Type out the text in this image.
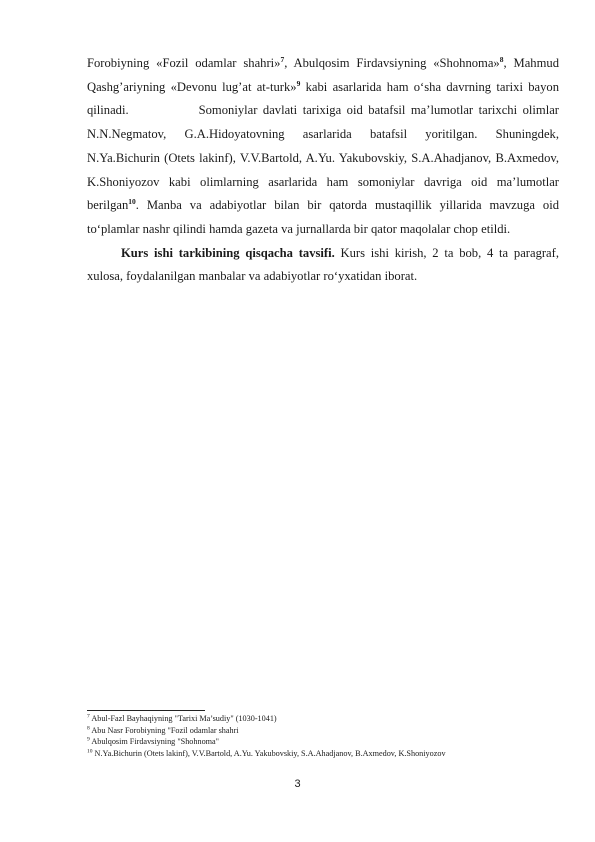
Forobiyning «Fozil odamlar shahri»$^7$, Abulqosim Firdavsiyning «Shohnoma»$^8$, Mahmud Qashg’ariyning «Devonu lug’at at-turk»$^9$ kabi asarlarida ham o‘sha davrning tarixi bayon qilinadi.	Somoniylar davlati tarixiga oid batafsil ma’lumotlar tarixchi olimlar N.N.Negmatov, G.A.Hidoyatovning asarlarida batafsil yoritilgan. Shuningdek, N.Ya.Bichurin (Otets lakinf), V.V.Bartold, A.Yu. Yakubovskiy, S.A.Ahadjanov, B.Axmedov, K.Shoniyozov kabi olimlarning asarlarida ham somoniylar davriga oid ma’lumotlar berilgan$^{10}$. Manba va adabiyotlar bilan bir qatorda mustaqillik yillarida mavzuga oid to‘plamlar nashr qilindi hamda gazeta va jurnallarda bir qator maqolalar chop etildi.

Kurs ishi tarkibining qisqacha tavsifi. Kurs ishi kirish, 2 ta bob, 4 ta paragraf, xulosa, foydalanilgan manbalar va adabiyotlar ro‘yxatidan iborat.

$^7$ Abul-Fazl Bayhaqiyning "Tarixi Ma’sudiy" (1030-1041)
$^8$ Abu Nasr Forobiyning "Fozil odamlar shahri
$^9$ Abulqosim Firdavsiyning "Shohnoma"
$^{10}$ N.Ya.Bichurin (Otets lakinf), V.V.Bartold, A.Yu. Yakubovskiy, S.A.Ahadjanov, B.Axmedov, K.Shoniyozov
3
